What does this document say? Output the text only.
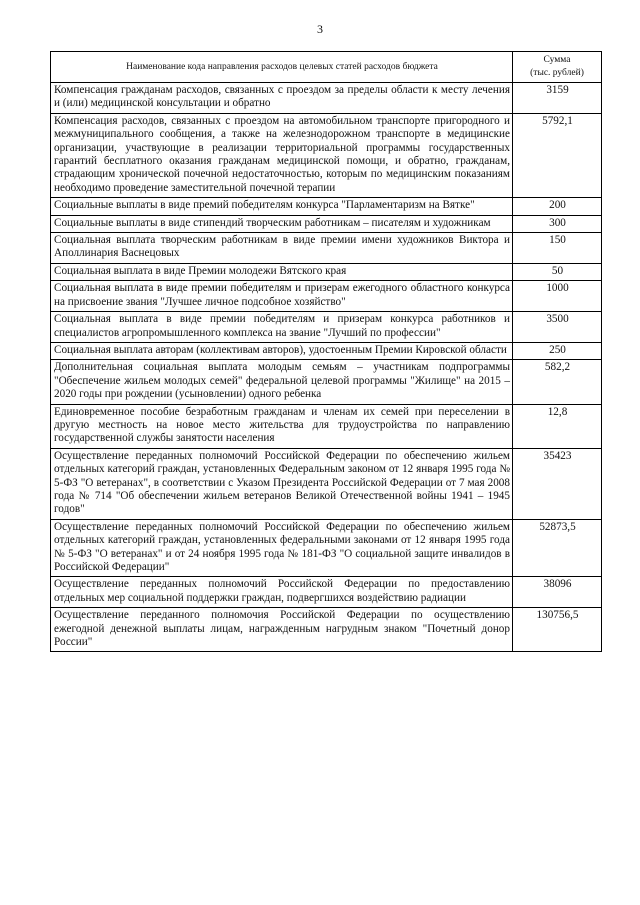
3
Наименование кода направления расходов целевых статей расходов бюджета	Сумма
(тыс. рублей)
Компенсация гражданам расходов, связанных с проездом за пределы области к месту лечения и (или) медицинской консультации и обратно	3159
Компенсация расходов, связанных с проездом на автомобильном транспорте пригородного и межмуниципального сообщения, а также на железнодорожном транспорте в медицинские организации, участвующие в реализации территориальной программы государственных гарантий бесплатного оказания гражданам медицинской помощи, и обратно, гражданам, страдающим хронической почечной недостаточностью, которым по медицинским показаниям необходимо проведение заместительной почечной терапии	5792,1
Социальные выплаты в виде премий победителям конкурса "Парламентаризм на Вятке"	200
Социальные выплаты в виде стипендий творческим работникам – писателям и художникам	300
Социальная выплата творческим работникам в виде премии имени художников Виктора и Аполлинария Васнецовых	150
Социальная выплата в виде Премии молодежи Вятского края	50
Социальная выплата в виде премии победителям и призерам ежегодного областного конкурса на присвоение звания "Лучшее личное подсобное хозяйство"	1000
Социальная выплата в виде премии победителям и призерам конкурса работников и специалистов агропромышленного комплекса на звание "Лучший по профессии"	3500
Социальная выплата авторам (коллективам авторов), удостоенным Премии Кировской области	250
Дополнительная социальная выплата молодым семьям – участникам подпрограммы "Обеспечение жильем молодых семей" федеральной целевой программы "Жилище" на 2015 – 2020 годы при рождении (усыновлении) одного ребенка	582,2
Единовременное пособие безработным гражданам и членам их семей при переселении в другую местность на новое место жительства для трудоустройства по направлению государственной службы занятости населения	12,8
Осуществление переданных полномочий Российской Федерации по обеспечению жильем отдельных категорий граждан, установленных Федеральным законом от 12 января 1995 года № 5-ФЗ "О ветеранах", в соответствии с Указом Президента Российской Федерации от 7 мая 2008 года № 714 "Об обеспечении жильем ветеранов Великой Отечественной войны 1941 – 1945 годов"	35423
Осуществление переданных полномочий Российской Федерации по обеспечению жильем отдельных категорий граждан, установленных федеральными законами от 12 января 1995 года № 5-ФЗ "О ветеранах" и от 24 ноября 1995 года № 181-ФЗ "О социальной защите инвалидов в Российской Федерации"	52873,5
Осуществление переданных полномочий Российской Федерации по предоставлению отдельных мер социальной поддержки граждан, подвергшихся воздействию радиации	38096
Осуществление переданного полномочия Российской Федерации по осуществлению ежегодной денежной выплаты лицам, награжденным нагрудным знаком "Почетный донор России"	130756,5
